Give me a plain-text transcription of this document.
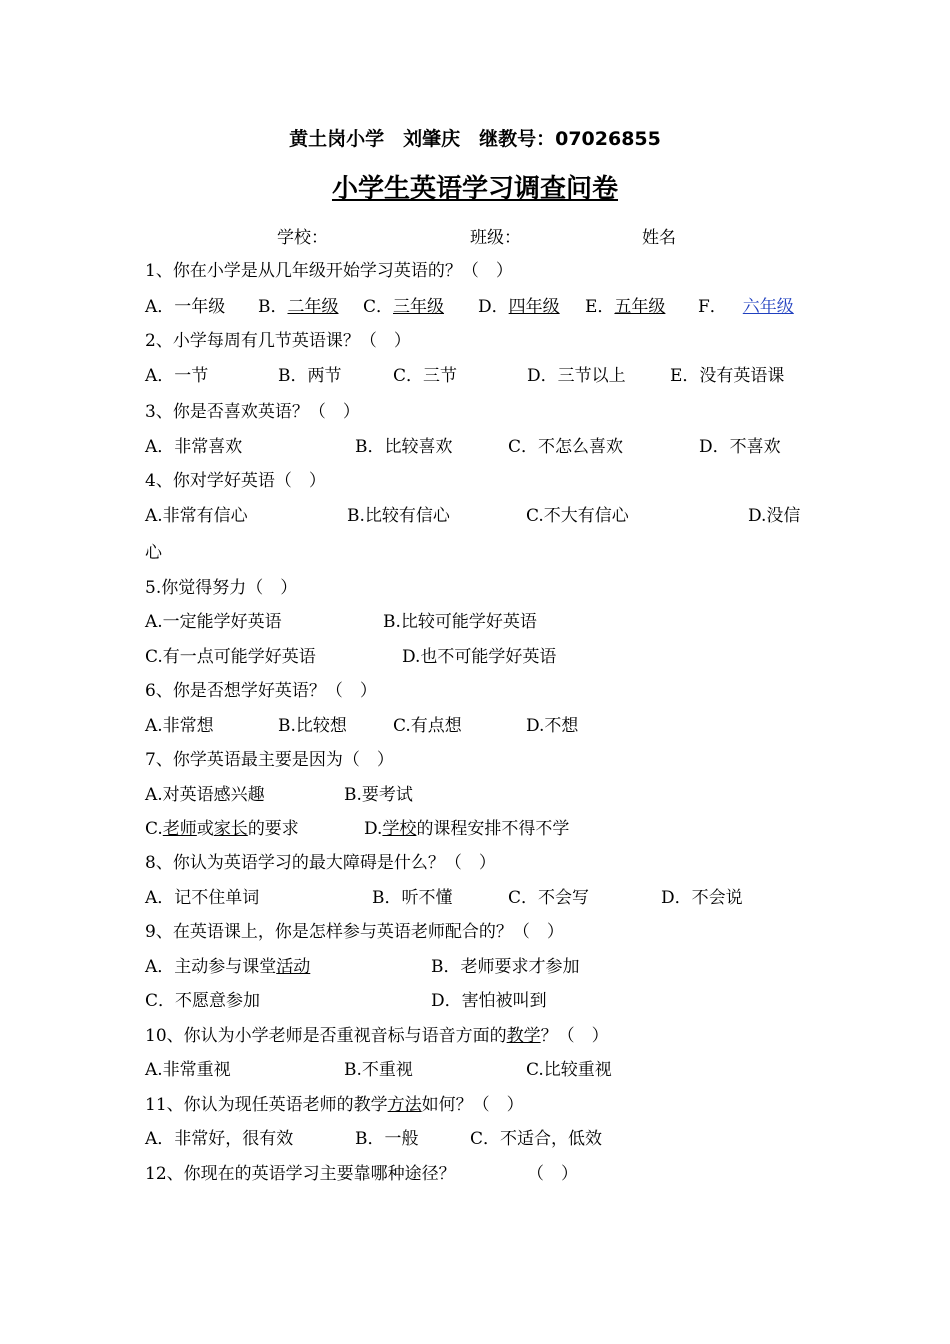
黄土岗小学　刘肇庆　继教号：07026855
小学生英语学习调查问卷
学校：	班级：	姓名
1、你在小学是从几年级开始学习英语的？（　）
A．一年级 B．二年级 C．三年级 D．四年级 E．五年级 F． 六年级
2、小学每周有几节英语课？（　）
A．一节	B．两节	C．三节	D．三节以上	E．没有英语课
3、你是否喜欢英语？（　）
A．非常喜欢	B．比较喜欢	C．不怎么喜欢	D．不喜欢
4、你对学好英语（　）
A.非常有信心	B.比较有信心	C.不大有信心	D.没信
心
5.你觉得努力（　）
A.一定能学好英语	B.比较可能学好英语
C.有一点可能学好英语	D.也不可能学好英语
6、你是否想学好英语？（　）
A.非常想	B.比较想	C.有点想	D.不想
7、你学英语最主要是因为（　）
A.对英语感兴趣	B.要考试
C.老师或家长的要求	D.学校的课程安排不得不学
8、你认为英语学习的最大障碍是什么？（　）
A．记不住单词	B．听不懂	C．不会写	D．不会说
9、在英语课上，你是怎样参与英语老师配合的？（　）
A．主动参与课堂活动	B．老师要求才参加
C．不愿意参加	D．害怕被叫到
10、你认为小学老师是否重视音标与语音方面的教学？（　）
A.非常重视	B.不重视	C.比较重视
11、你认为现任英语老师的教学方法如何？（　）
A．非常好，很有效	B．一般	C．不适合，低效
12、你现在的英语学习主要靠哪种途径？	（　）
